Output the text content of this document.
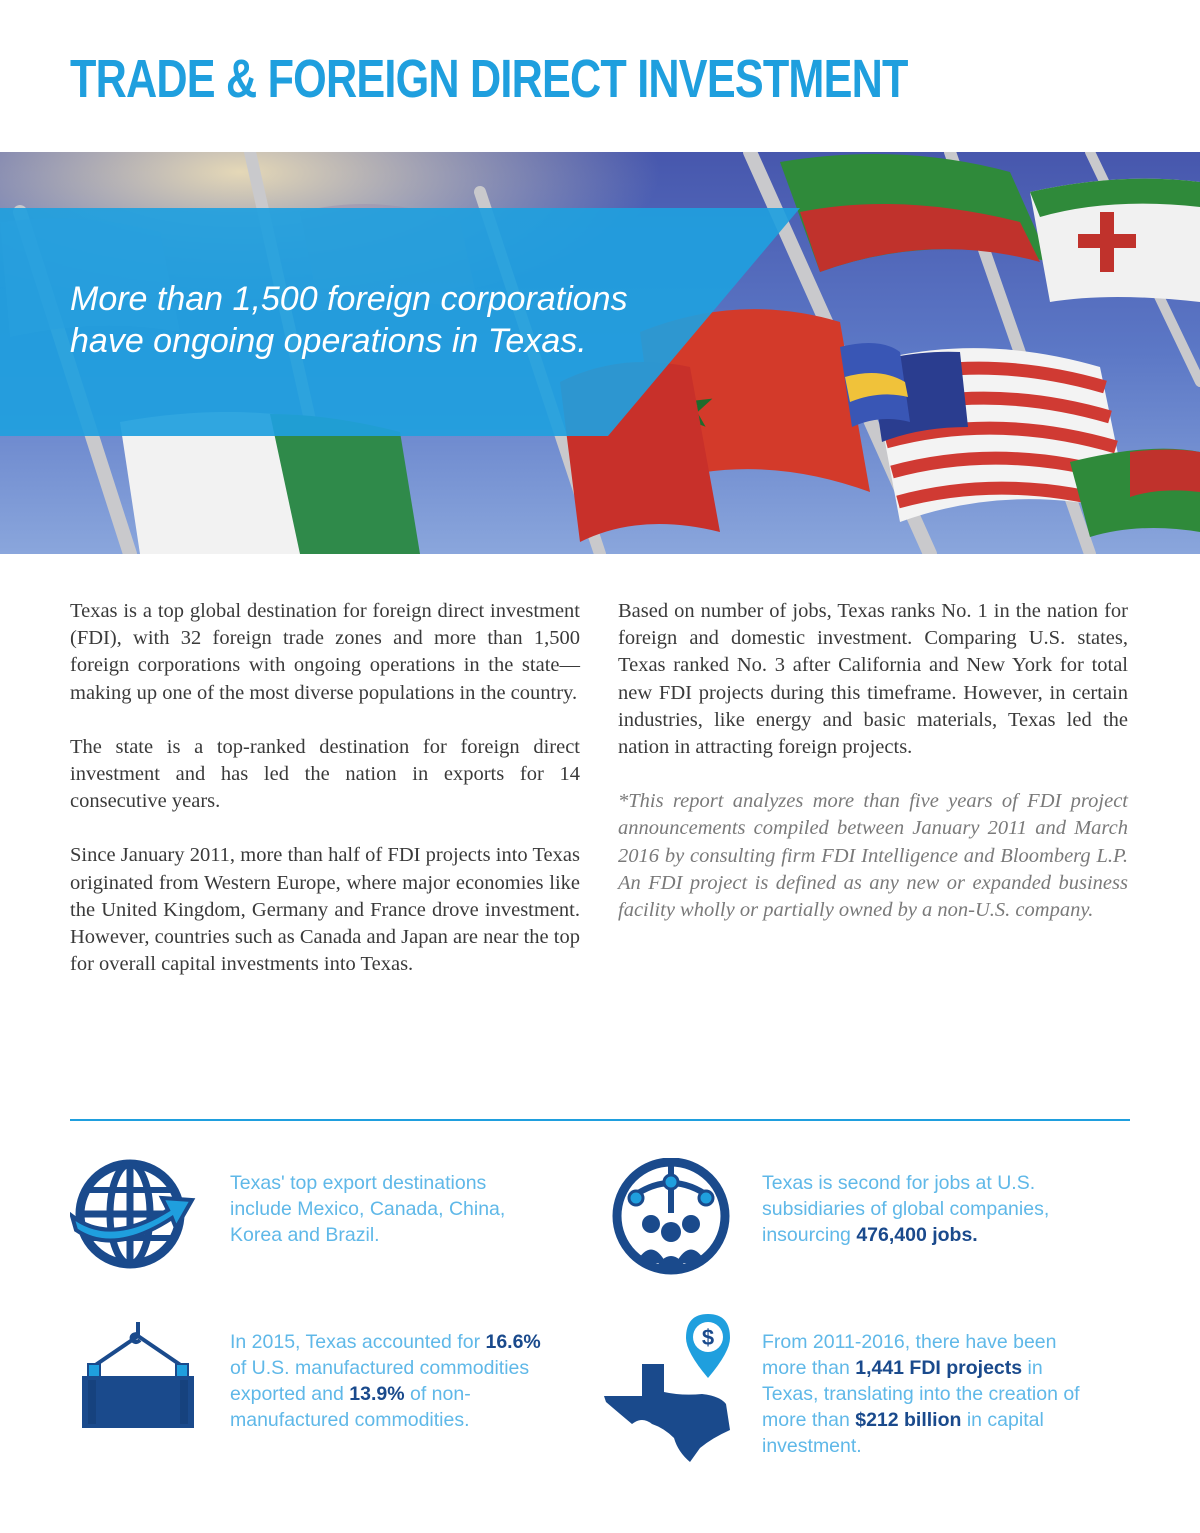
TRADE & FOREIGN DIRECT INVESTMENT
More than 1,500 foreign corporations have ongoing operations in Texas.

Texas is a top global destination for foreign direct investment (FDI), with 32 foreign trade zones and more than 1,500 foreign corporations with ongoing operations in the state—making up one of the most diverse populations in the country.

The state is a top-ranked destination for foreign direct investment and has led the nation in exports for 14 consecutive years.

Since January 2011, more than half of FDI projects into Texas originated from Western Europe, where major economies like the United Kingdom, Germany and France drove investment. However, countries such as Canada and Japan are near the top for overall capital investments into Texas.

Based on number of jobs, Texas ranks No. 1 in the nation for foreign and domestic investment. Comparing U.S. states, Texas ranked No. 3 after California and New York for total new FDI projects during this timeframe. However, in certain industries, like energy and basic materials, Texas led the nation in attracting foreign projects.

*This report analyzes more than five years of FDI project announcements compiled between January 2011 and March 2016 by consulting firm FDI Intelligence and Bloomberg L.P. An FDI project is defined as any new or expanded business facility wholly or partially owned by a non-U.S. company.

Texas' top export destinations include Mexico, Canada, China, Korea and Brazil.
Texas is second for jobs at U.S. subsidiaries of global companies, insourcing 476,400 jobs.
In 2015, Texas accounted for 16.6% of U.S. manufactured commodities exported and 13.9% of non-manufactured commodities.
$ From 2011-2016, there have been more than 1,441 FDI projects in Texas, translating into the creation of more than $212 billion in capital investment.
